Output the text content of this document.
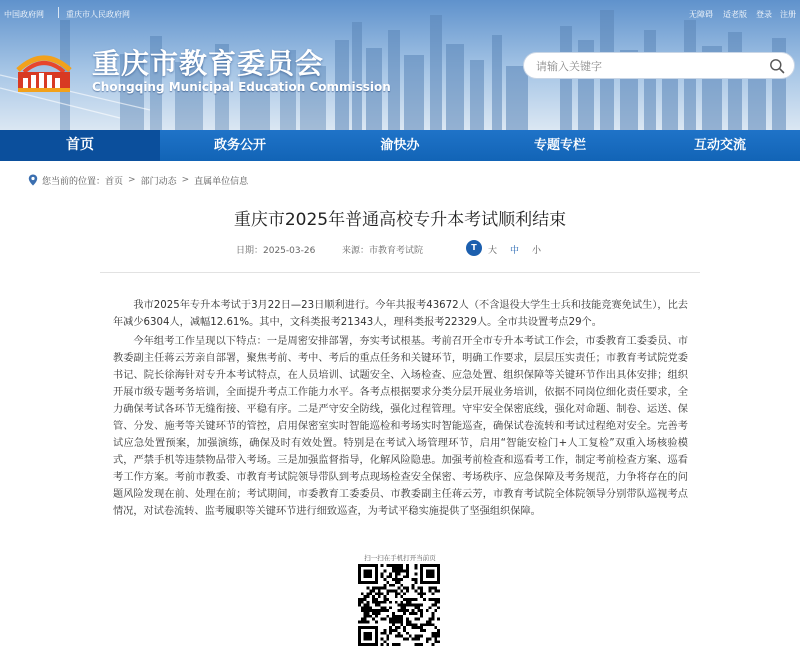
中国政府网	重庆市人民政府网	无障碍 适老版 登录 注册
重庆市教育委员会
Chongqing Municipal Education Commission
请输入关键字
首页	政务公开	渝快办	专题专栏	互动交流
您当前的位置： 首页 > 部门动态 > 直属单位信息
重庆市2025年普通高校专升本考试顺利结束
日期：2025-03-26	来源：市教育考试院	T	大 中 小

我市2025年专升本考试于3月22日—23日顺利进行。今年共报考43672人（不含退役大学生士兵和技能竞赛免试生），比去年减少6304人，减幅12.61%。其中，文科类报考21343人，理科类报考22329人。全市共设置考点29个。

今年组考工作呈现以下特点：一是周密安排部署，夯实考试根基。考前召开全市专升本考试工作会，市委教育工委委员、市教委副主任蒋云芳亲自部署，聚焦考前、考中、考后的重点任务和关键环节，明确工作要求，层层压实责任；市教育考试院党委书记、院长徐海针对专升本考试特点，在人员培训、试题安全、入场检查、应急处置、组织保障等关键环节作出具体安排；组织开展市级专题考务培训，全面提升考点工作能力水平。各考点根据要求分类分层开展业务培训，依据不同岗位细化责任要求，全力确保考试各环节无缝衔接、平稳有序。二是严守安全防线，强化过程管理。守牢安全保密底线，强化对命题、制卷、运送、保管、分发、施考等关键环节的管控，启用保密室实时智能巡检和考场实时智能巡查，确保试卷流转和考试过程绝对安全。完善考试应急处置预案，加强演练，确保及时有效处置。特别是在考试入场管理环节，启用“智能安检门+人工复检”双重入场核验模式，严禁手机等违禁物品带入考场。三是加强监督指导，化解风险隐患。加强考前检查和巡看考工作，制定考前检查方案、巡看考工作方案。考前市教委、市教育考试院领导带队到考点现场检查安全保密、考场秩序、应急保障及考务规范，力争将存在的问题风险发现在前、处理在前；考试期间，市委教育工委委员、市教委副主任蒋云芳，市教育考试院全体院领导分别带队巡视考点情况，对试卷流转、监考履职等关键环节进行细致巡查，为考试平稳实施提供了坚强组织保障。

扫一扫在手机打开当前页
